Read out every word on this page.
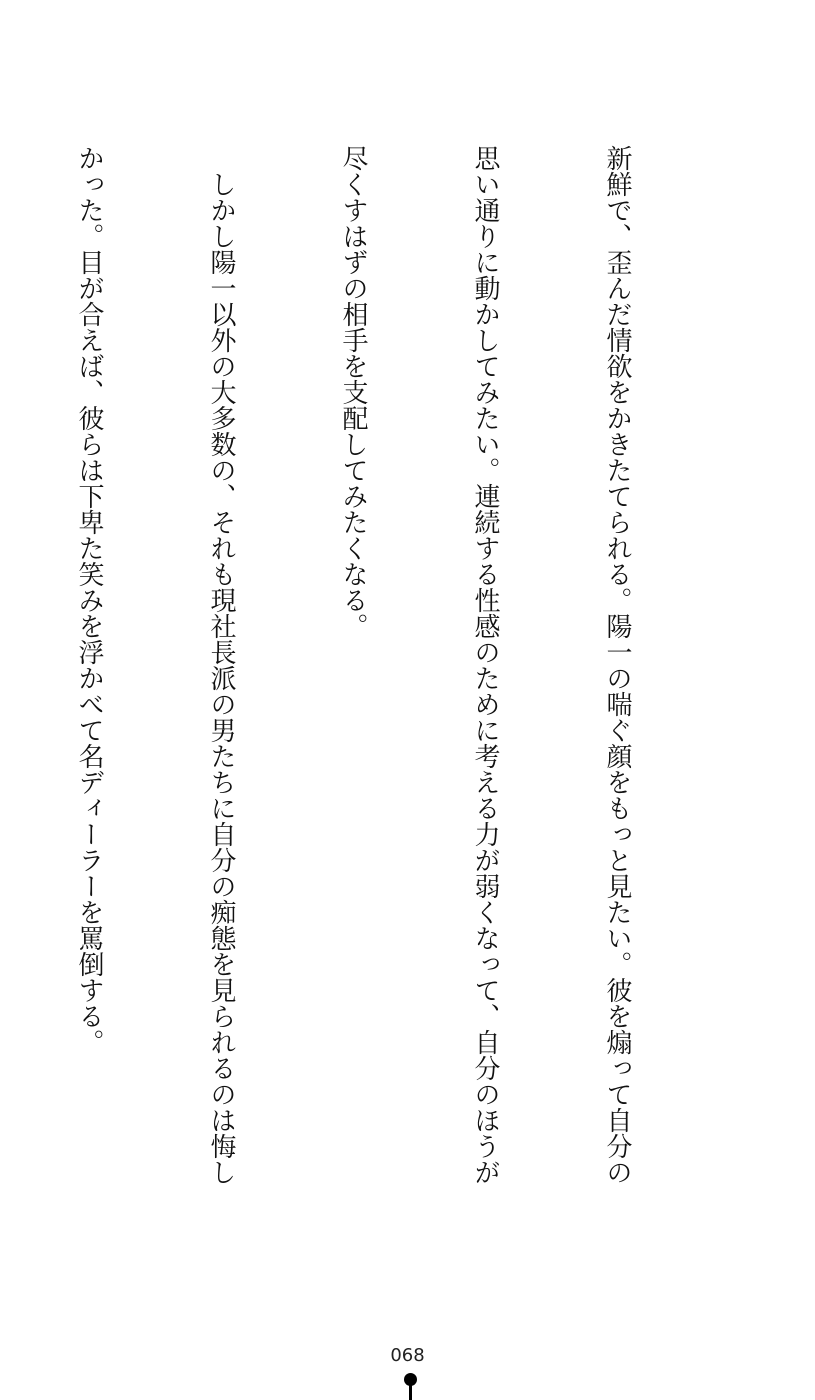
新鮮で、歪んだ情欲をかきたてられる。陽一の喘ぐ顔をもっと見たい。彼を煽って自分の

思い通りに動かしてみたい。連続する性感のために考える力が弱くなって、自分のほうが

尽くすはずの相手を支配してみたくなる。

　しかし陽一以外の大多数の、それも現社長派の男たちに自分の痴態を見られるのは悔し

かった。目が合えば、彼らは下卑た笑みを浮かべて名ディーラーを罵倒する。

068
